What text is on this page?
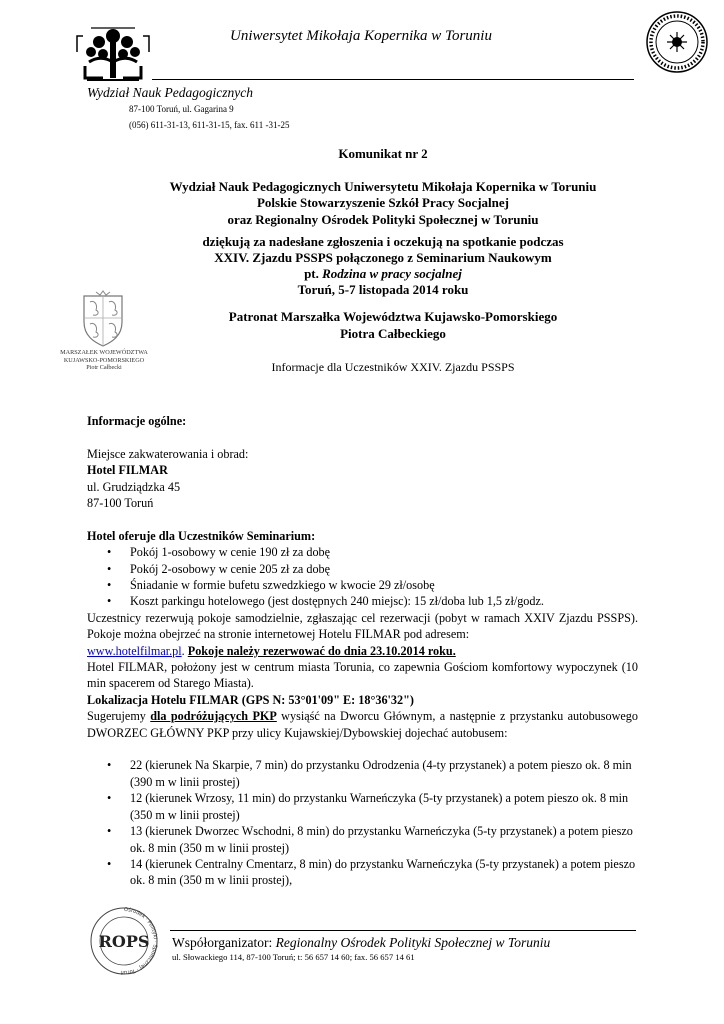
Uniwersytet Mikołaja Kopernika w Toruniu
Wydział Nauk Pedagogicznych
87-100 Toruń, ul. Gagarina 9
(056) 611-31-13, 611-31-15, fax. 611 -31-25
Komunikat nr 2
Wydział Nauk Pedagogicznych Uniwersytetu Mikołaja Kopernika w Toruniu
Polskie Stowarzyszenie Szkół Pracy Socjalnej
oraz Regionalny Ośrodek Polityki Społecznej w Toruniu
dziękują za nadesłane zgłoszenia i oczekują na spotkanie podczas
XXIV. Zjazdu PSSPS połączonego z Seminarium Naukowym
pt. Rodzina w pracy socjalnej
Toruń, 5-7 listopada 2014 roku
MARSZAŁEK WOJEWÓDZTWA
KUJAWSKO-POMORSKIEGO
Piotr Całbecki
Patronat Marszałka Województwa Kujawsko-Pomorskiego
Piotra Całbeckiego
Informacje dla Uczestników XXIV. Zjazdu PSSPS

Informacje ogólne:

Miejsce zakwaterowania i obrad:

Hotel FILMAR

ul. Grudziądzka 45

87-100 Toruń

Hotel oferuje dla Uczestników Seminarium:

• Pokój 1-osobowy w cenie 190 zł za dobę
• Pokój 2-osobowy w cenie 205 zł za dobę
• Śniadanie w formie bufetu szwedzkiego w kwocie 29 zł/osobę
• Koszt parkingu hotelowego (jest dostępnych 240 miejsc): 15 zł/doba lub 1,5 zł/godz.

Uczestnicy rezerwują pokoje samodzielnie, zgłaszając cel rezerwacji (pobyt w ramach XXIV Zjazdu PSSPS). Pokoje można obejrzeć na stronie internetowej Hotelu FILMAR pod adresem:

www.hotelfilmar.pl. Pokoje należy rezerwować do dnia 23.10.2014 roku.

Hotel FILMAR, położony jest w centrum miasta Torunia, co zapewnia Gościom komfortowy wypoczynek (10 min spacerem od Starego Miasta).

Lokalizacja Hotelu FILMAR (GPS N: 53°01'09" E: 18°36'32")

Sugerujemy dla podróżujących PKP wysiąść na Dworcu Głównym, a następnie z przystanku autobusowego DWORZEC GŁÓWNY PKP przy ulicy Kujawskiej/Dybowskiej dojechać autobusem:

• 22 (kierunek Na Skarpie, 7 min) do przystanku Odrodzenia (4-ty przystanek) a potem pieszo ok. 8 min (390 m w linii prostej)
• 12 (kierunek Wrzosy, 11 min) do przystanku Warneńczyka (5-ty przystanek) a potem pieszo ok. 8 min (350 m w linii prostej)
• 13 (kierunek Dworzec Wschodni, 8 min) do przystanku Warneńczyka (5-ty przystanek) a potem pieszo ok. 8 min (350 m w linii prostej)
• 14 (kierunek Centralny Cmentarz, 8 min) do przystanku Warneńczyka (5-ty przystanek) a potem pieszo ok. 8 min (350 m w linii prostej),
Ośrodek · Polityki · Społecznej · Toruń
ROPS Współorganizator: Regionalny Ośrodek Polityki Społecznej w Toruniu
ul. Słowackiego 114, 87-100 Toruń; t: 56 657 14 60; fax. 56 657 14 61
